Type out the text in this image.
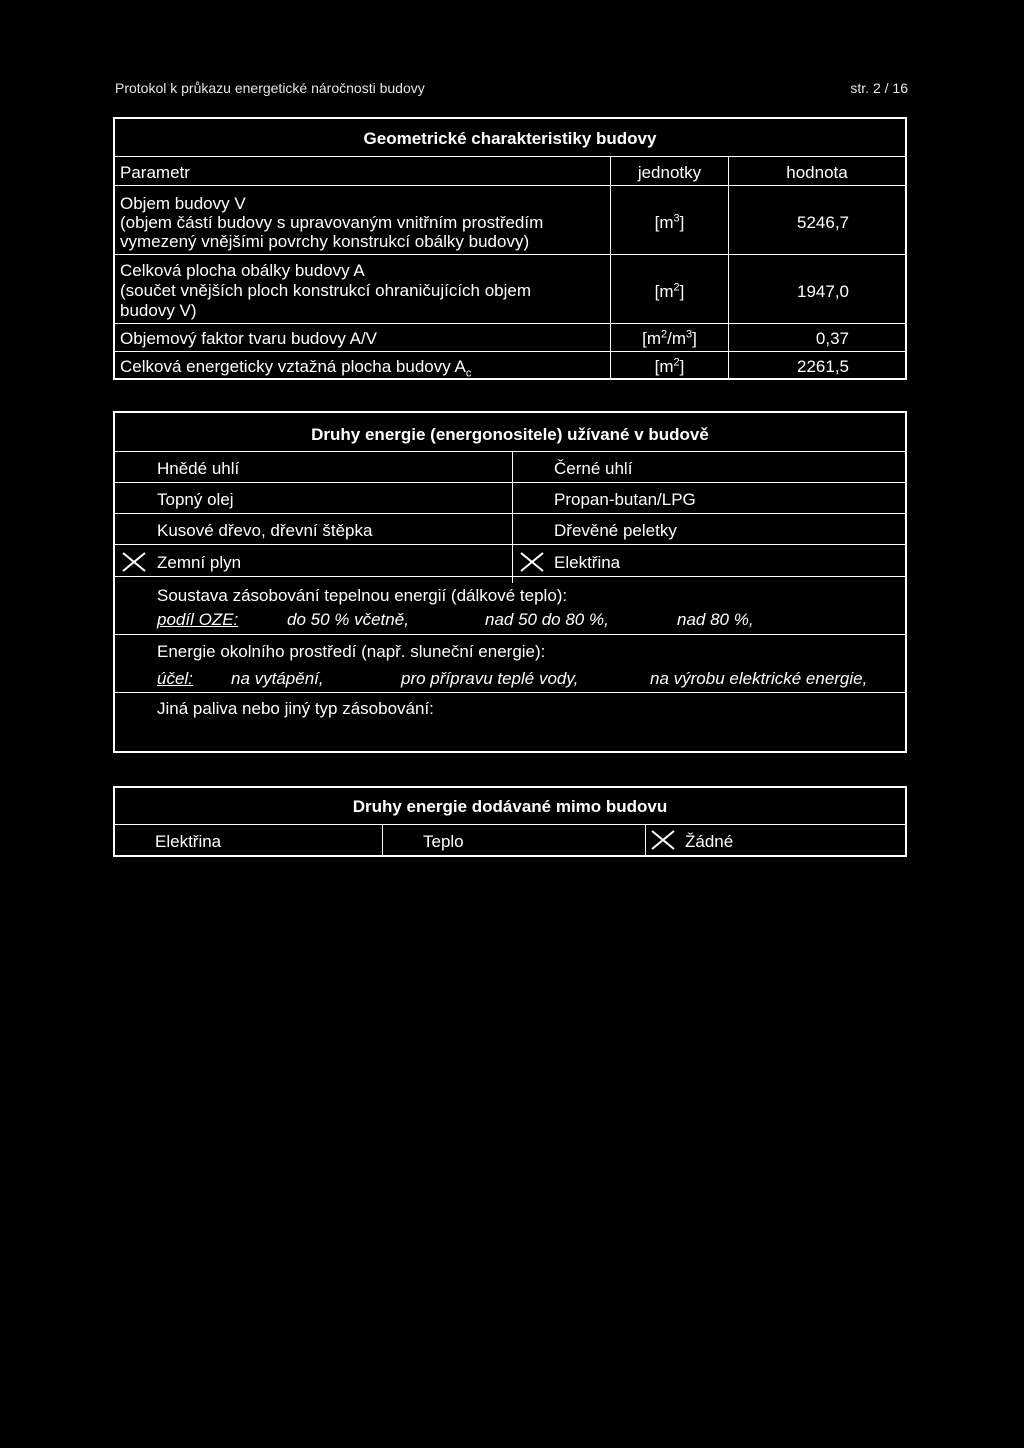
Protokol k průkazu energetické náročnosti budovy	str. 2 / 16
Geometrické charakteristiky budovy
Parametr	jednotky	hodnota
Objem budovy V
(objem částí budovy s upravovaným vnitřním prostředím
vymezený vnějšími povrchy konstrukcí obálky budovy)
$[m^3]$	5246,7
Celková plocha obálky budovy A
(součet vnějších ploch konstrukcí ohraničujících objem
budovy V)
$[m^2]$	1947,0
Objemový faktor tvaru budovy A/V	$[m^2/m^3]$	0,37
Celková energeticky vztažná plocha budovy $A_c$	$[m^2]$	2261,5
Druhy energie (energonositele) užívané v budově
Hnědé uhlí	Černé uhlí
Topný olej	Propan-butan/LPG
Kusové dřevo, dřevní štěpka	Dřevěné peletky
Zemní plyn	Elektřina
Soustava zásobování tepelnou energií (dálkové teplo):
podíl OZE:	do 50 % včetně,	nad 50 do 80 %,	nad 80 %,
Energie okolního prostředí (např. sluneční energie):
účel: na vytápění,	pro přípravu teplé vody,	na výrobu elektrické energie,
Jiná paliva nebo jiný typ zásobování:
Druhy energie dodávané mimo budovu
Elektřina	Teplo	Žádné
